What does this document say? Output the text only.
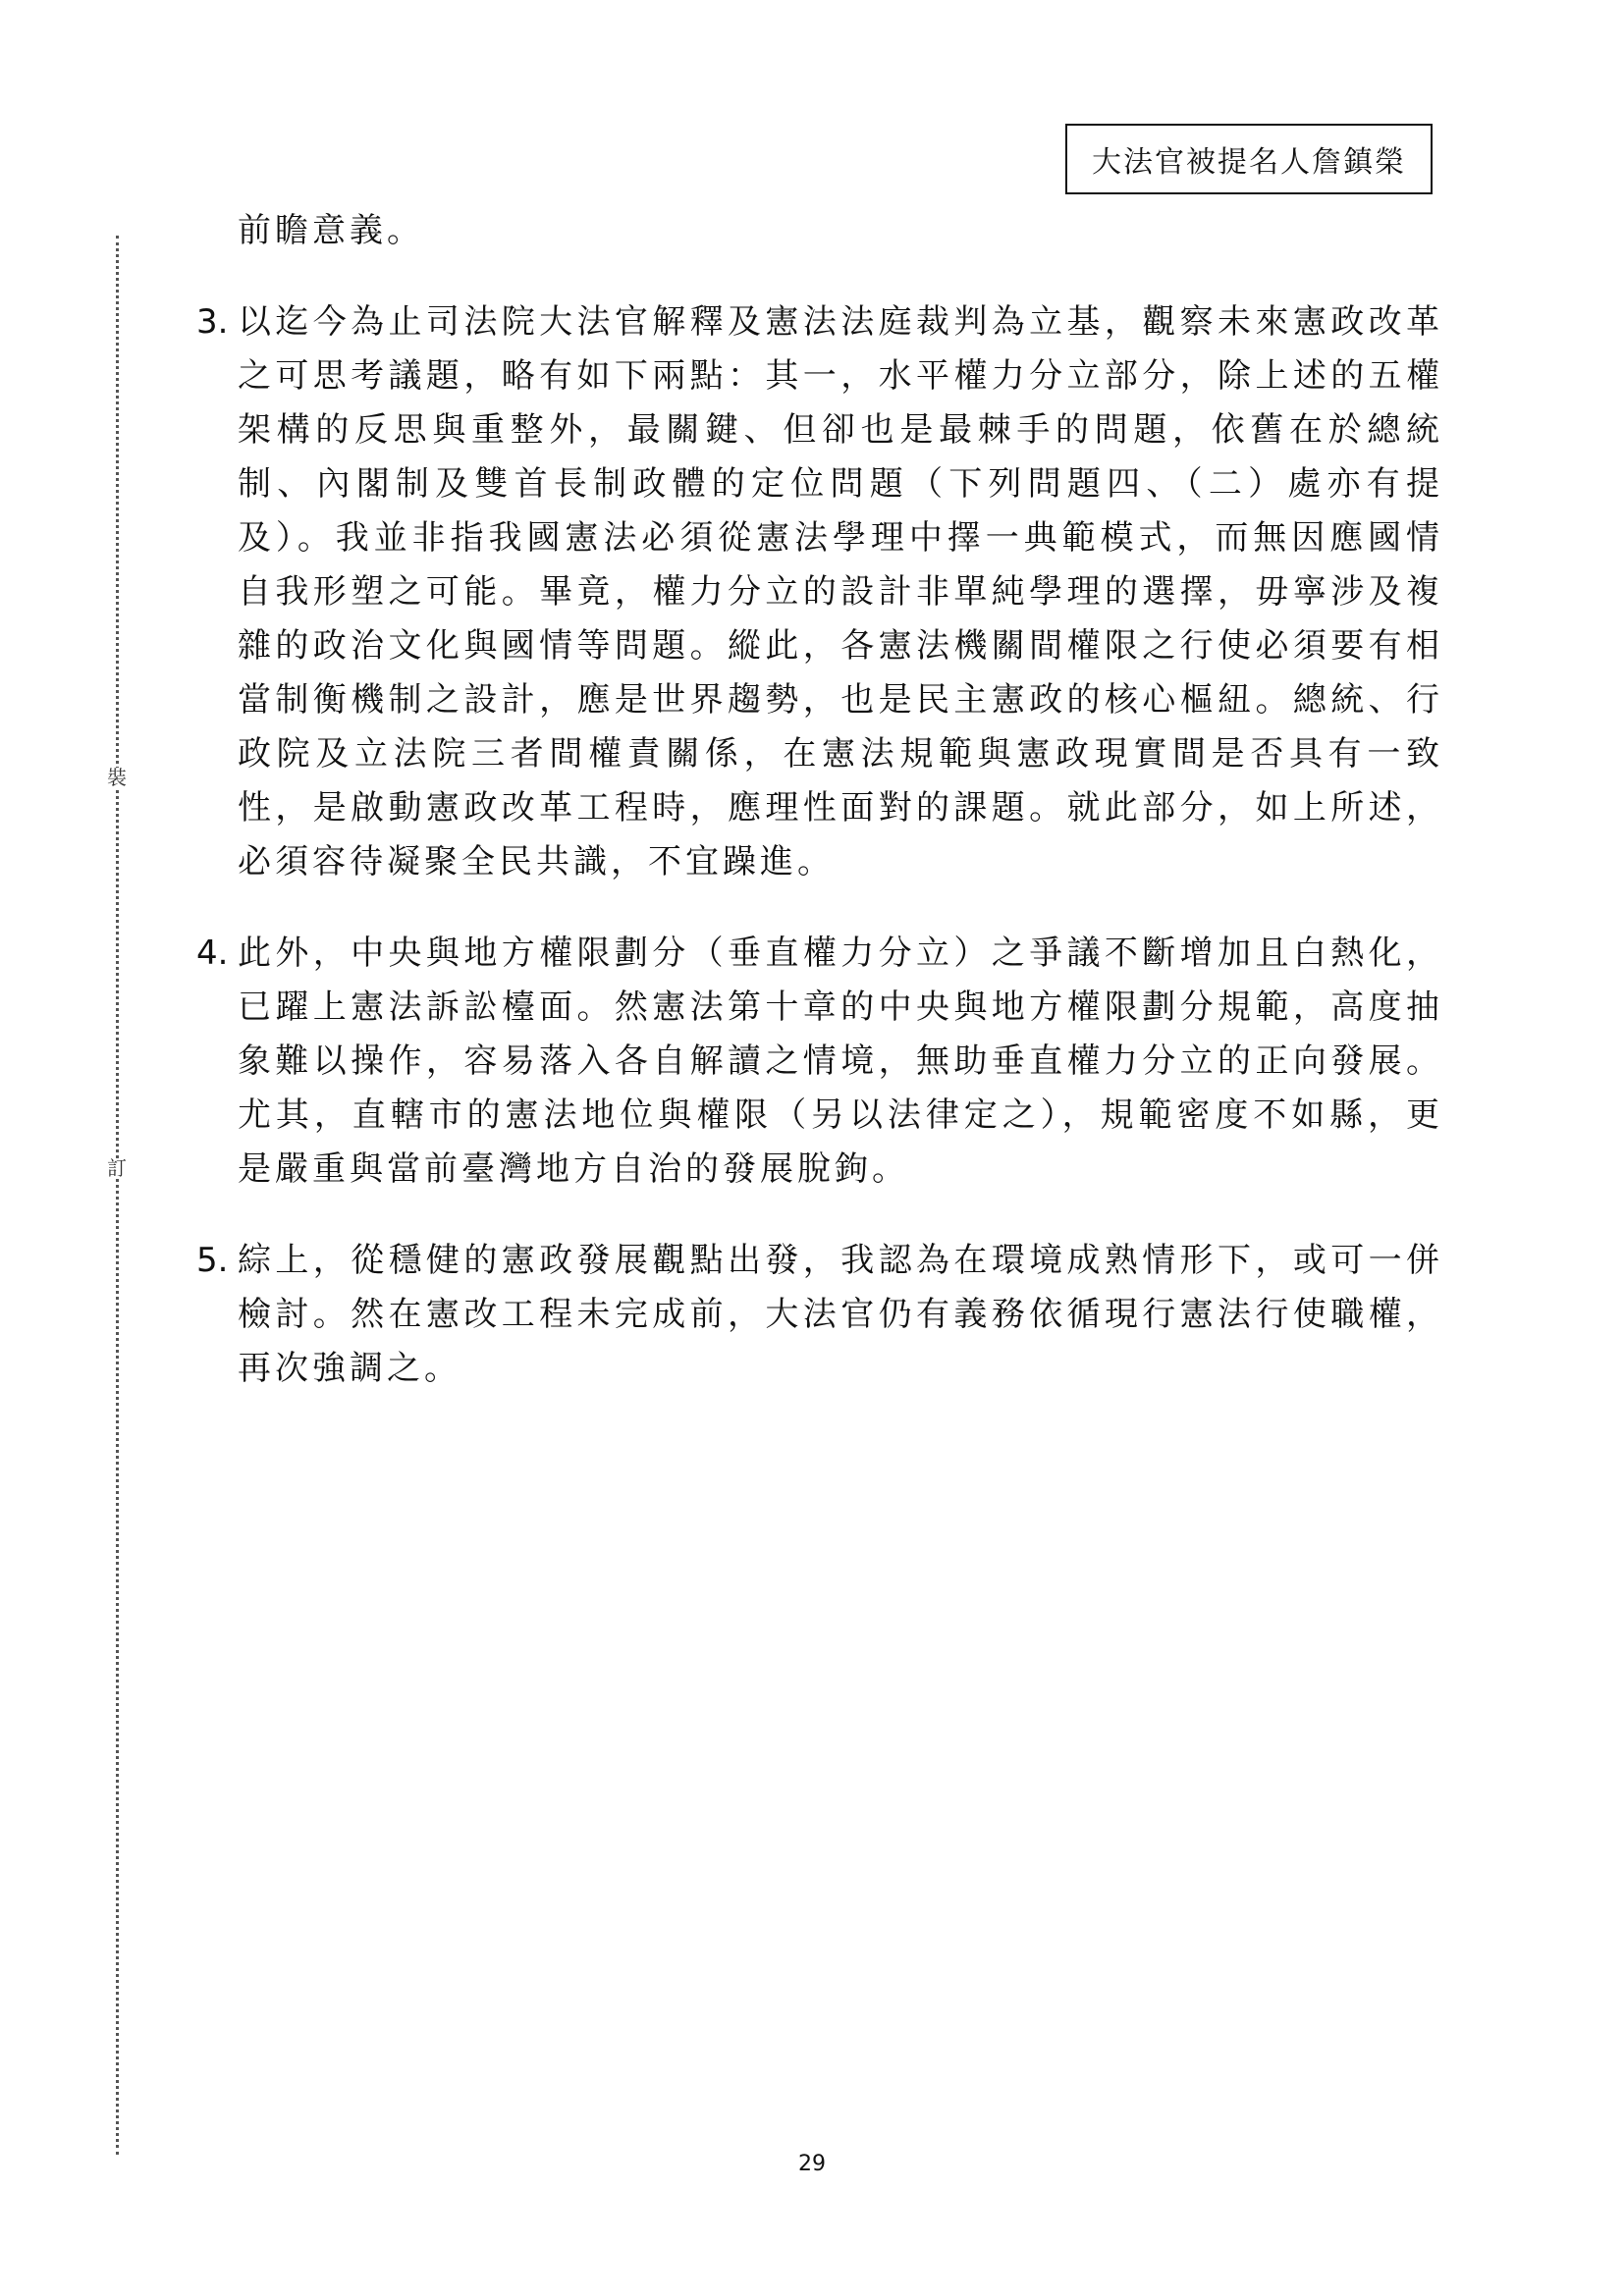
大法官被提名人詹鎮榮
裝
訂

前瞻意義。

3. 以迄今為止司法院大法官解釋及憲法法庭裁判為立基，觀察未來憲政改革之可思考議題，略有如下兩點：其一，水平權力分立部分，除上述的五權架構的反思與重整外，最關鍵、但卻也是最棘手的問題，依舊在於總統制、內閣制及雙首長制政體的定位問題（下列問題四、（二）處亦有提及）。我並非指我國憲法必須從憲法學理中擇一典範模式，而無因應國情自我形塑之可能。畢竟，權力分立的設計非單純學理的選擇，毋寧涉及複雜的政治文化與國情等問題。縱此，各憲法機關間權限之行使必須要有相當制衡機制之設計，應是世界趨勢，也是民主憲政的核心樞紐。總統、行政院及立法院三者間權責關係，在憲法規範與憲政現實間是否具有一致性，是啟動憲政改革工程時，應理性面對的課題。就此部分，如上所述，必須容待凝聚全民共識，不宜躁進。

4. 此外，中央與地方權限劃分（垂直權力分立）之爭議不斷增加且白熱化，已躍上憲法訴訟檯面。然憲法第十章的中央與地方權限劃分規範，高度抽象難以操作，容易落入各自解讀之情境，無助垂直權力分立的正向發展。尤其，直轄市的憲法地位與權限（另以法律定之），規範密度不如縣，更是嚴重與當前臺灣地方自治的發展脫鉤。

5. 綜上，從穩健的憲政發展觀點出發，我認為在環境成熟情形下，或可一併檢討。然在憲改工程未完成前，大法官仍有義務依循現行憲法行使職權，再次強調之。

29
